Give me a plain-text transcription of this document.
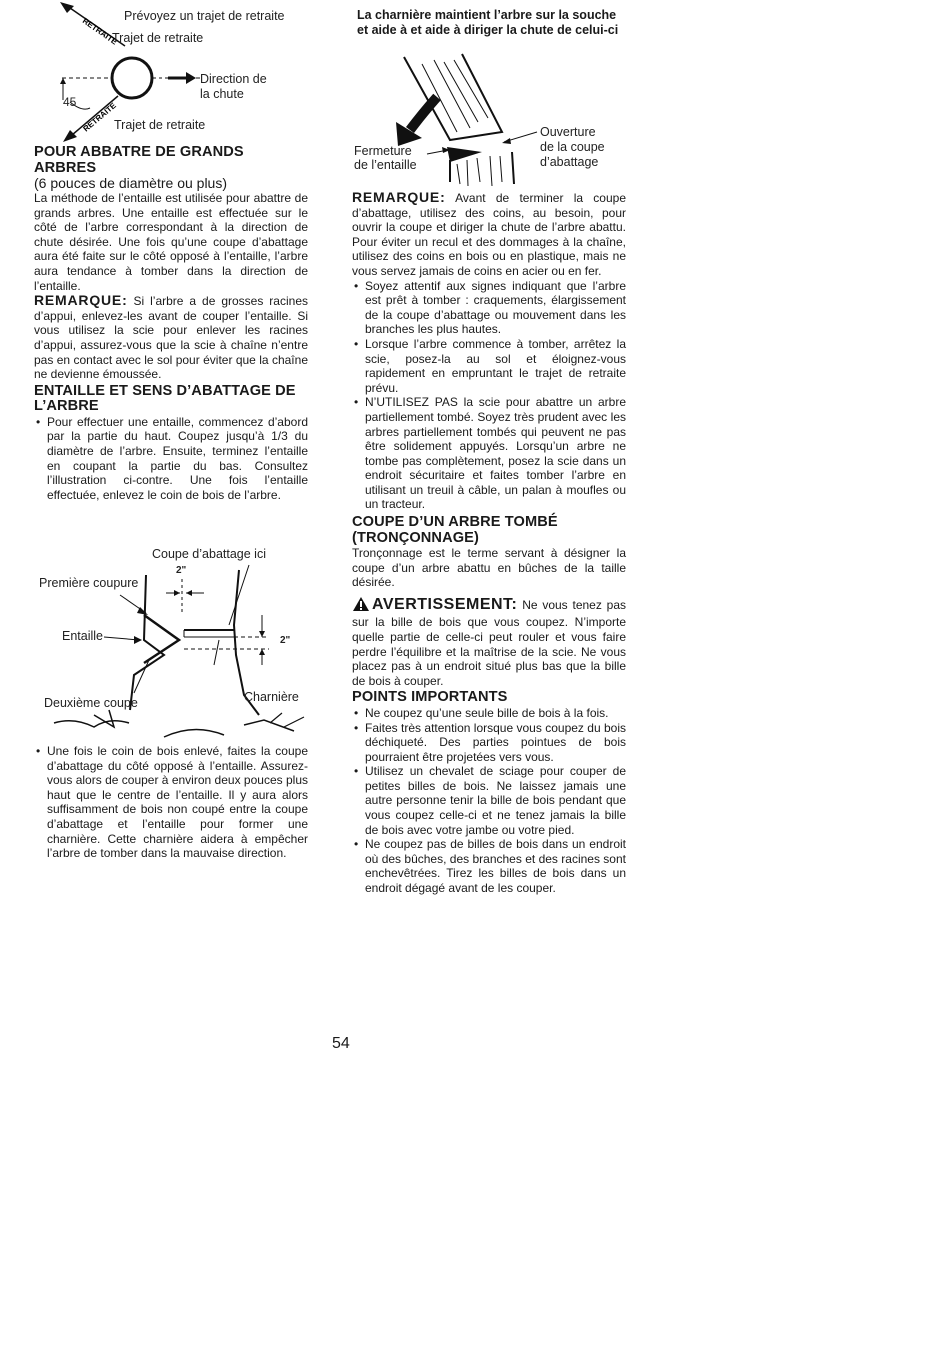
RETRAITE
RETRAITE
Prévoyez un trajet de retraite
Trajet de retraite
Direction de
la chute
45
Trajet de retraite
POUR ABBATRE DE GRANDS ARBRES
(6 pouces de diamètre ou plus)

La méthode de l’entaille est utilisée pour abattre de grands arbres. Une entaille est effectuée sur le côté de l’arbre correspondant à la direction de chute désirée. Une fois qu’une coupe d’abattage aura été faite sur le côté opposé à l’entaille, l’arbre aura tendance à tomber dans la direction de l’entaille.

REMARQUE: Si l’arbre a de grosses racines d’appui, enlevez-les avant de couper l’entaille. Si vous utilisez la scie pour enlever les racines d’appui, assurez-vous que la scie à chaîne n’entre pas en contact avec le sol pour éviter que la chaîne ne devienne émoussée.

ENTAILLE ET SENS D’ABATTAGE DE L’ARBRE
• Pour effectuer une entaille, commencez d’abord par la partie du haut. Coupez jusqu’à 1/3 du diamètre de l’arbre. Ensuite, terminez l’entaille en coupant la partie du bas. Consultez l’illustration ci-contre. Une fois l’entaille effectuée, enlevez le coin de bois de l’arbre.
Coupe d’abattage ici
Première coupure
Entaille
Deuxième coupe	Charnière
2"
2"
• Une fois le coin de bois enlevé, faites la coupe d’abattage du côté opposé à l’entaille. Assurez-vous alors de couper à environ deux pouces plus haut que le centre de l’entaille. Il y aura alors suffisamment de bois non coupé entre la coupe d’abattage et l’entaille pour former une charnière. Cette charnière aidera à empêcher l’arbre de tomber dans la mauvaise direction.
La charnière maintient l’arbre sur la souche et aide à et aide à diriger la chute de celui-ci
Fermeture
de l’entaille
Ouverture
de la coupe
d’abattage

REMARQUE: Avant de terminer la coupe d’abattage, utilisez des coins, au besoin, pour ouvrir la coupe et diriger la chute de l’arbre abattu. Pour éviter un recul et des dommages à la chaîne, utilisez des coins en bois ou en plastique, mais ne vous servez jamais de coins en acier ou en fer.

• Soyez attentif aux signes indiquant que l’arbre est prêt à tomber : craquements, élargissement de la coupe d’abattage ou mouvement dans les branches les plus hautes.
• Lorsque l’arbre commence à tomber, arrêtez la scie, posez-la au sol et éloignez-vous rapidement en empruntant le trajet de retraite prévu.
• N’UTILISEZ PAS la scie pour abattre un arbre partiellement tombé. Soyez très prudent avec les arbres partiellement tombés qui peuvent ne pas être solidement appuyés. Lorsqu’un arbre ne tombe pas complètement, posez la scie dans un endroit sécuritaire et faites tomber l’arbre en utilisant un treuil à câble, un palan à moufles ou un tracteur.
COUPE D’UN ARBRE TOMBÉ (TRONÇONNAGE)

Tronçonnage est le terme servant à désigner la coupe d’un arbre abattu en bûches de la taille désirée.

AVERTISSEMENT: Ne vous tenez pas sur la bille de bois que vous coupez. N’importe quelle partie de celle-ci peut rouler et vous faire perdre l’équilibre et la maîtrise de la scie. Ne vous placez pas à un endroit situé plus bas que la bille de bois à couper.

POINTS IMPORTANTS
• Ne coupez qu’une seule bille de bois à la fois.
• Faites très attention lorsque vous coupez du bois déchiqueté. Des parties pointues de bois pourraient être projetées vers vous.
• Utilisez un chevalet de sciage pour couper de petites billes de bois. Ne laissez jamais une autre personne tenir la bille de bois pendant que vous coupez celle-ci et ne tenez jamais la bille de bois avec votre jambe ou votre pied.
• Ne coupez pas de billes de bois dans un endroit où des bûches, des branches et des racines sont enchevêtrées. Tirez les billes de bois dans un endroit dégagé avant de les couper.
54
